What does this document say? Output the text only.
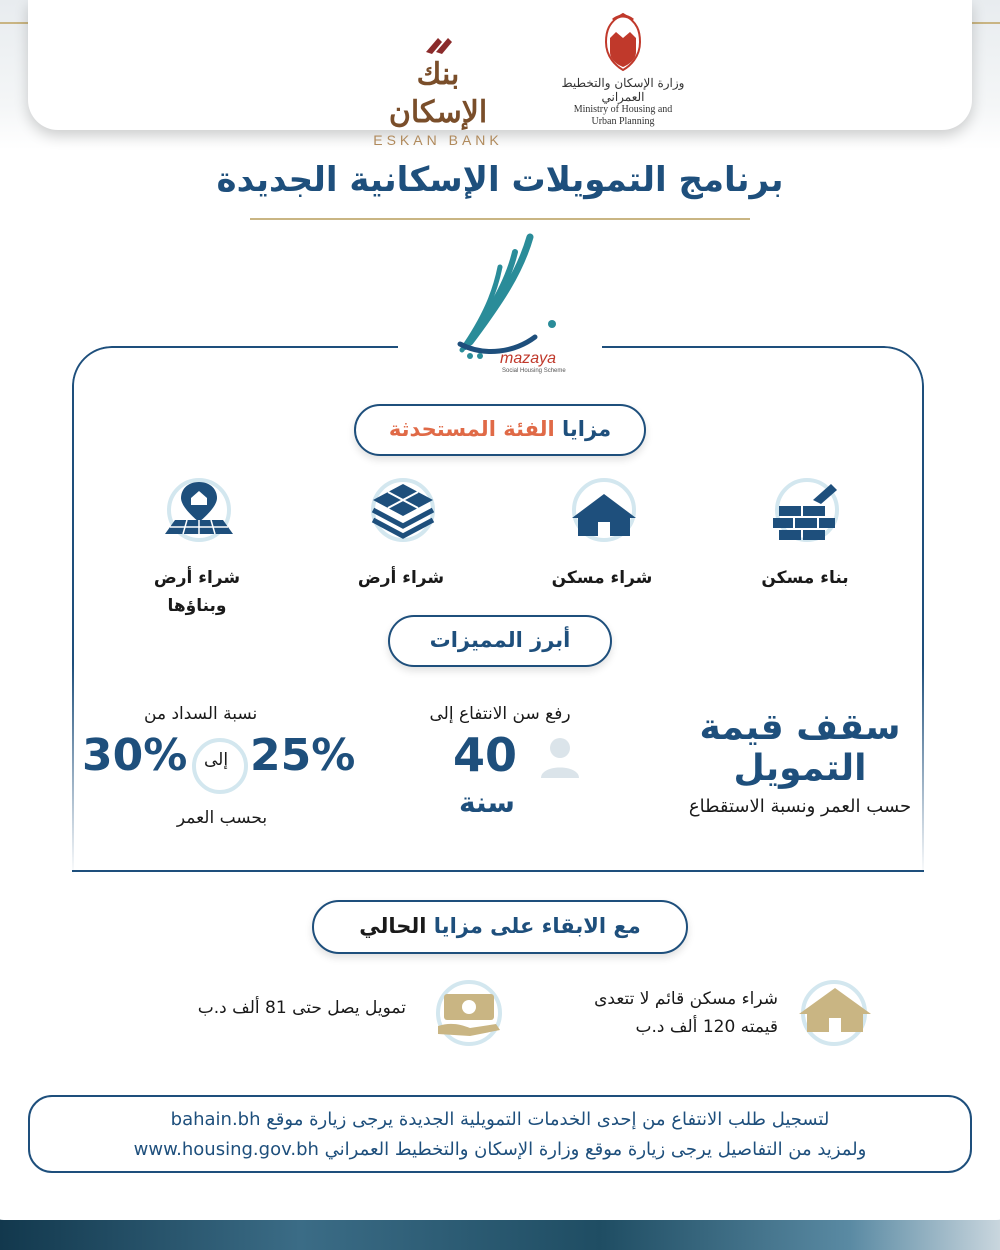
بنك الإسكان
ESKAN BANK
وزارة الإسكان والتخطيط العمراني
Ministry of Housing and
Urban Planning
برنامج التمويلات الإسكانية الجديدة
mazaya
Social Housing Scheme
مزايا الفئة المستحدثة
بناء مسكن
شراء مسكن
شراء أرض
شراء أرض
وبناؤها
أبرز المميزات
سقف قيمة
التمويل
حسب العمر ونسبة الاستقطاع
رفع سن الانتفاع إلى
40
سنة
نسبة السداد من
30% إلى 25%
بحسب العمر
مع الابقاء على مزايا الحالي
شراء مسكن قائم لا تتعدى
قيمته 120 ألف د.ب
تمويل يصل حتى 81 ألف د.ب
لتسجيل طلب الانتفاع من إحدى الخدمات التمويلية الجديدة يرجى زيارة موقع bahain.bh
ولمزيد من التفاصيل يرجى زيارة موقع وزارة الإسكان والتخطيط العمراني www.housing.gov.bh
